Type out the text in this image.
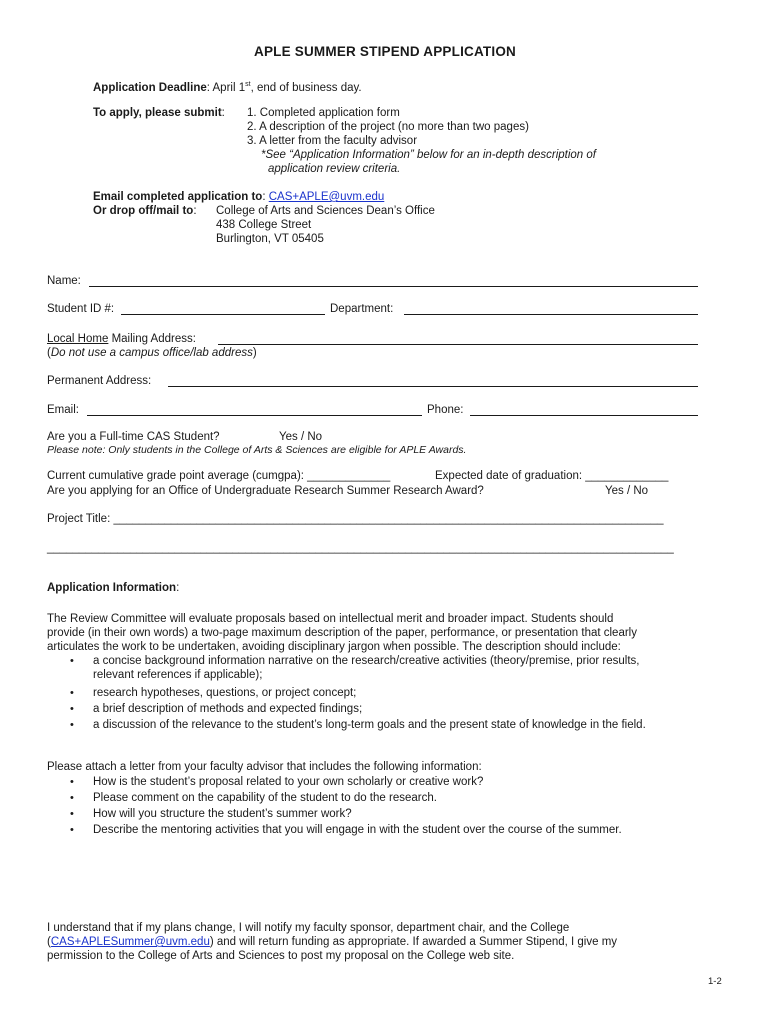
APLE SUMMER STIPEND APPLICATION
Application Deadline: April 1st, end of business day.
To apply, please submit: 1. Completed application form
2. A description of the project (no more than two pages)
3. A letter from the faculty advisor
*See “Application Information” below for an in-depth description of
application review criteria.
Email completed application to: CAS+APLE@uvm.edu
Or drop off/mail to: College of Arts and Sciences Dean’s Office
438 College Street
Burlington, VT 05405
Name:
Student ID #:	Department:
Local Home Mailing Address:
(Do not use a campus office/lab address)
Permanent Address:
Email:	Phone:
Are you a Full-time CAS Student?	Yes / No
Please note: Only students in the College of Arts & Sciences are eligible for APLE Awards.
Current cumulative grade point average (cumgpa): _____________	Expected date of graduation: _____________
Are you applying for an Office of Undergraduate Research Summer Research Award?	Yes / No
Project Title: ______________________________________________________________________________________
__________________________________________________________________________________________________
Application Information:
The Review Committee will evaluate proposals based on intellectual merit and broader impact. Students should
provide (in their own words) a two-page maximum description of the paper, performance, or presentation that clearly
articulates the work to be undertaken, avoiding disciplinary jargon when possible. The description should include:
• a concise background information narrative on the research/creative activities (theory/premise, prior results,
relevant references if applicable);
• research hypotheses, questions, or project concept;
• a brief description of methods and expected findings;
• a discussion of the relevance to the student’s long-term goals and the present state of knowledge in the field.
Please attach a letter from your faculty advisor that includes the following information:
• How is the student’s proposal related to your own scholarly or creative work?
• Please comment on the capability of the student to do the research.
• How will you structure the student’s summer work?
• Describe the mentoring activities that you will engage in with the student over the course of the summer.
I understand that if my plans change, I will notify my faculty sponsor, department chair, and the College
(CAS+APLESummer@uvm.edu) and will return funding as appropriate. If awarded a Summer Stipend, I give my
permission to the College of Arts and Sciences to post my proposal on the College web site.
1-2
